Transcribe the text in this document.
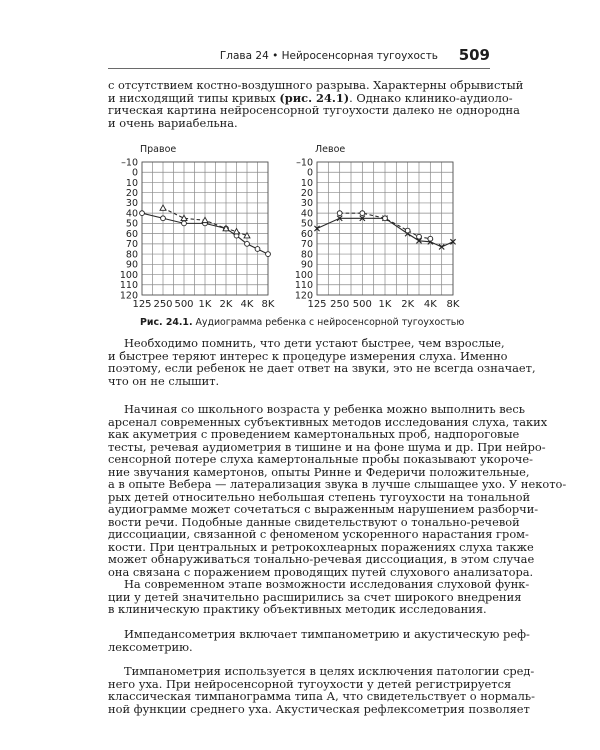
Глава 24 • Нейросенсорная тугоухость 509

с отсутствием костно-воздушного разрыва. Характерны обрывистый
и нисходящий типы кривых (рис. 24.1). Однако клинико-аудиоло-
гическая картина нейросенсорной тугоухости далеко не однородна
и очень вариабельна.

–10
0
10
20
30
40
50
60
70
80
90
100
110
120
125 250 500 1K 2K 4K 8K
Правое
–10
0
10
20
30
40
50
60
70
80
90
100
110
120
125 250 500 1K 2K 4K 8K
Левое
Рис. 24.1. Аудиограмма ребенка с нейросенсорной тугоухостью

Необходимо помнить, что дети устают быстрее, чем взрослые,
и быстрее теряют интерес к процедуре измерения слуха. Именно
поэтому, если ребенок не дает ответ на звуки, это не всегда означает,
что он не слышит.

Начиная со школьного возраста у ребенка можно выполнить весь
арсенал современных субъективных методов исследования слуха, таких
как акуметрия с проведением камертональных проб, надпороговые
тесты, речевая аудиометрия в тишине и на фоне шума и др. При нейро-
сенсорной потере слуха камертональные пробы показывают укороче-
ние звучания камертонов, опыты Ринне и Федеричи положительные,
а в опыте Вебера — латерализация звука в лучше слышащее ухо. У некото-
рых детей относительно небольшая степень тугоухости на тональной
аудиограмме может сочетаться с выраженным нарушением разборчи-
вости речи. Подобные данные свидетельствуют о тонально-речевой
диссоциации, связанной с феноменом ускоренного нарастания гром-
кости. При центральных и ретрокохлеарных поражениях слуха также
может обнаруживаться тонально-речевая диссоциация, в этом случае
она связана с поражением проводящих путей слухового анализатора.

На современном этапе возможности исследования слуховой функ-
ции у детей значительно расширились за счет широкого внедрения
в клиническую практику объективных методик исследования.

Импедансометрия включает тимпанометрию и акустическую реф-
лексометрию.

Тимпанометрия используется в целях исключения патологии сред-
него уха. При нейросенсорной тугоухости у детей регистрируется
классическая тимпанограмма типа А, что свидетельствует о нормаль-
ной функции среднего уха. Акустическая рефлексометрия позволяет
